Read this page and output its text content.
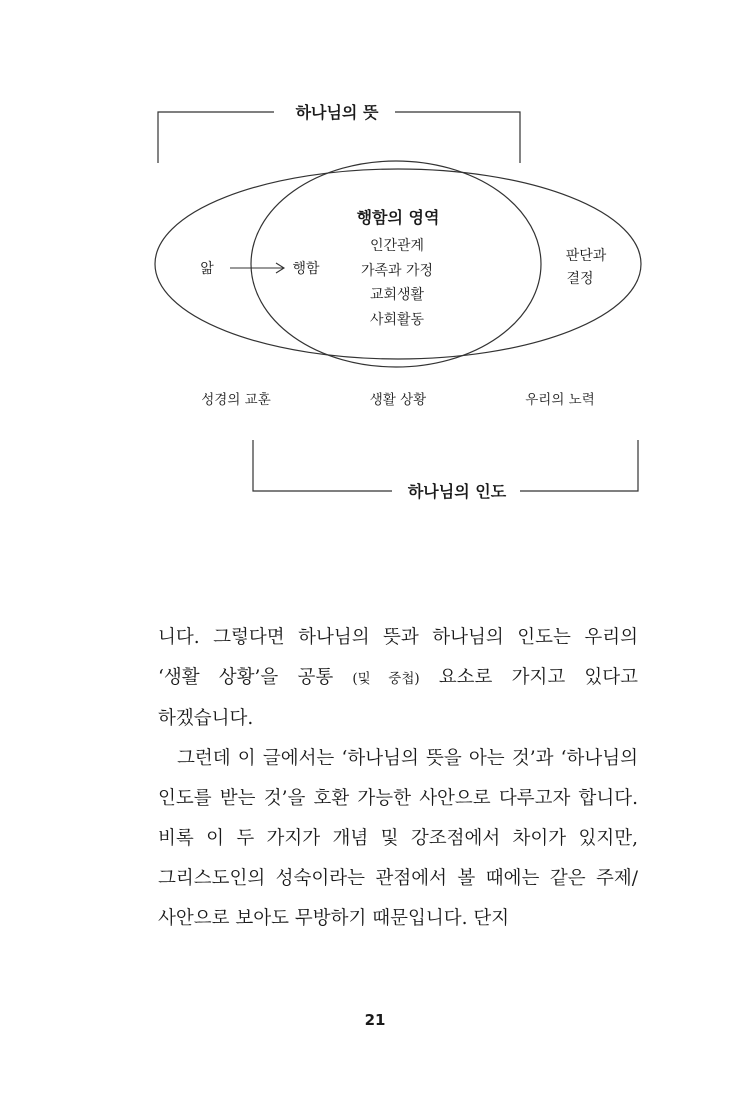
하나님의 뜻
행함의 영역
인간관계
가족과 가정
교회생활
사회활동
앎	행함
판단과
결정
성경의 교훈	생활 상황	우리의 노력
하나님의 인도

니다. 그렇다면 하나님의 뜻과 하나님의 인도는 우리의 ‘생활 상황’을 공통 (및 중첩) 요소로 가지고 있다고 하겠습니다.

그런데 이 글에서는 ‘하나님의 뜻을 아는 것’과 ‘하나님의 인도를 받는 것’을 호환 가능한 사안으로 다루고자 합니다. 비록 이 두 가지가 개념 및 강조점에서 차이가 있지만, 그리스도인의 성숙이라는 관점에서 볼 때에는 같은 주제/사안으로 보아도 무방하기 때문입니다. 단지

21
